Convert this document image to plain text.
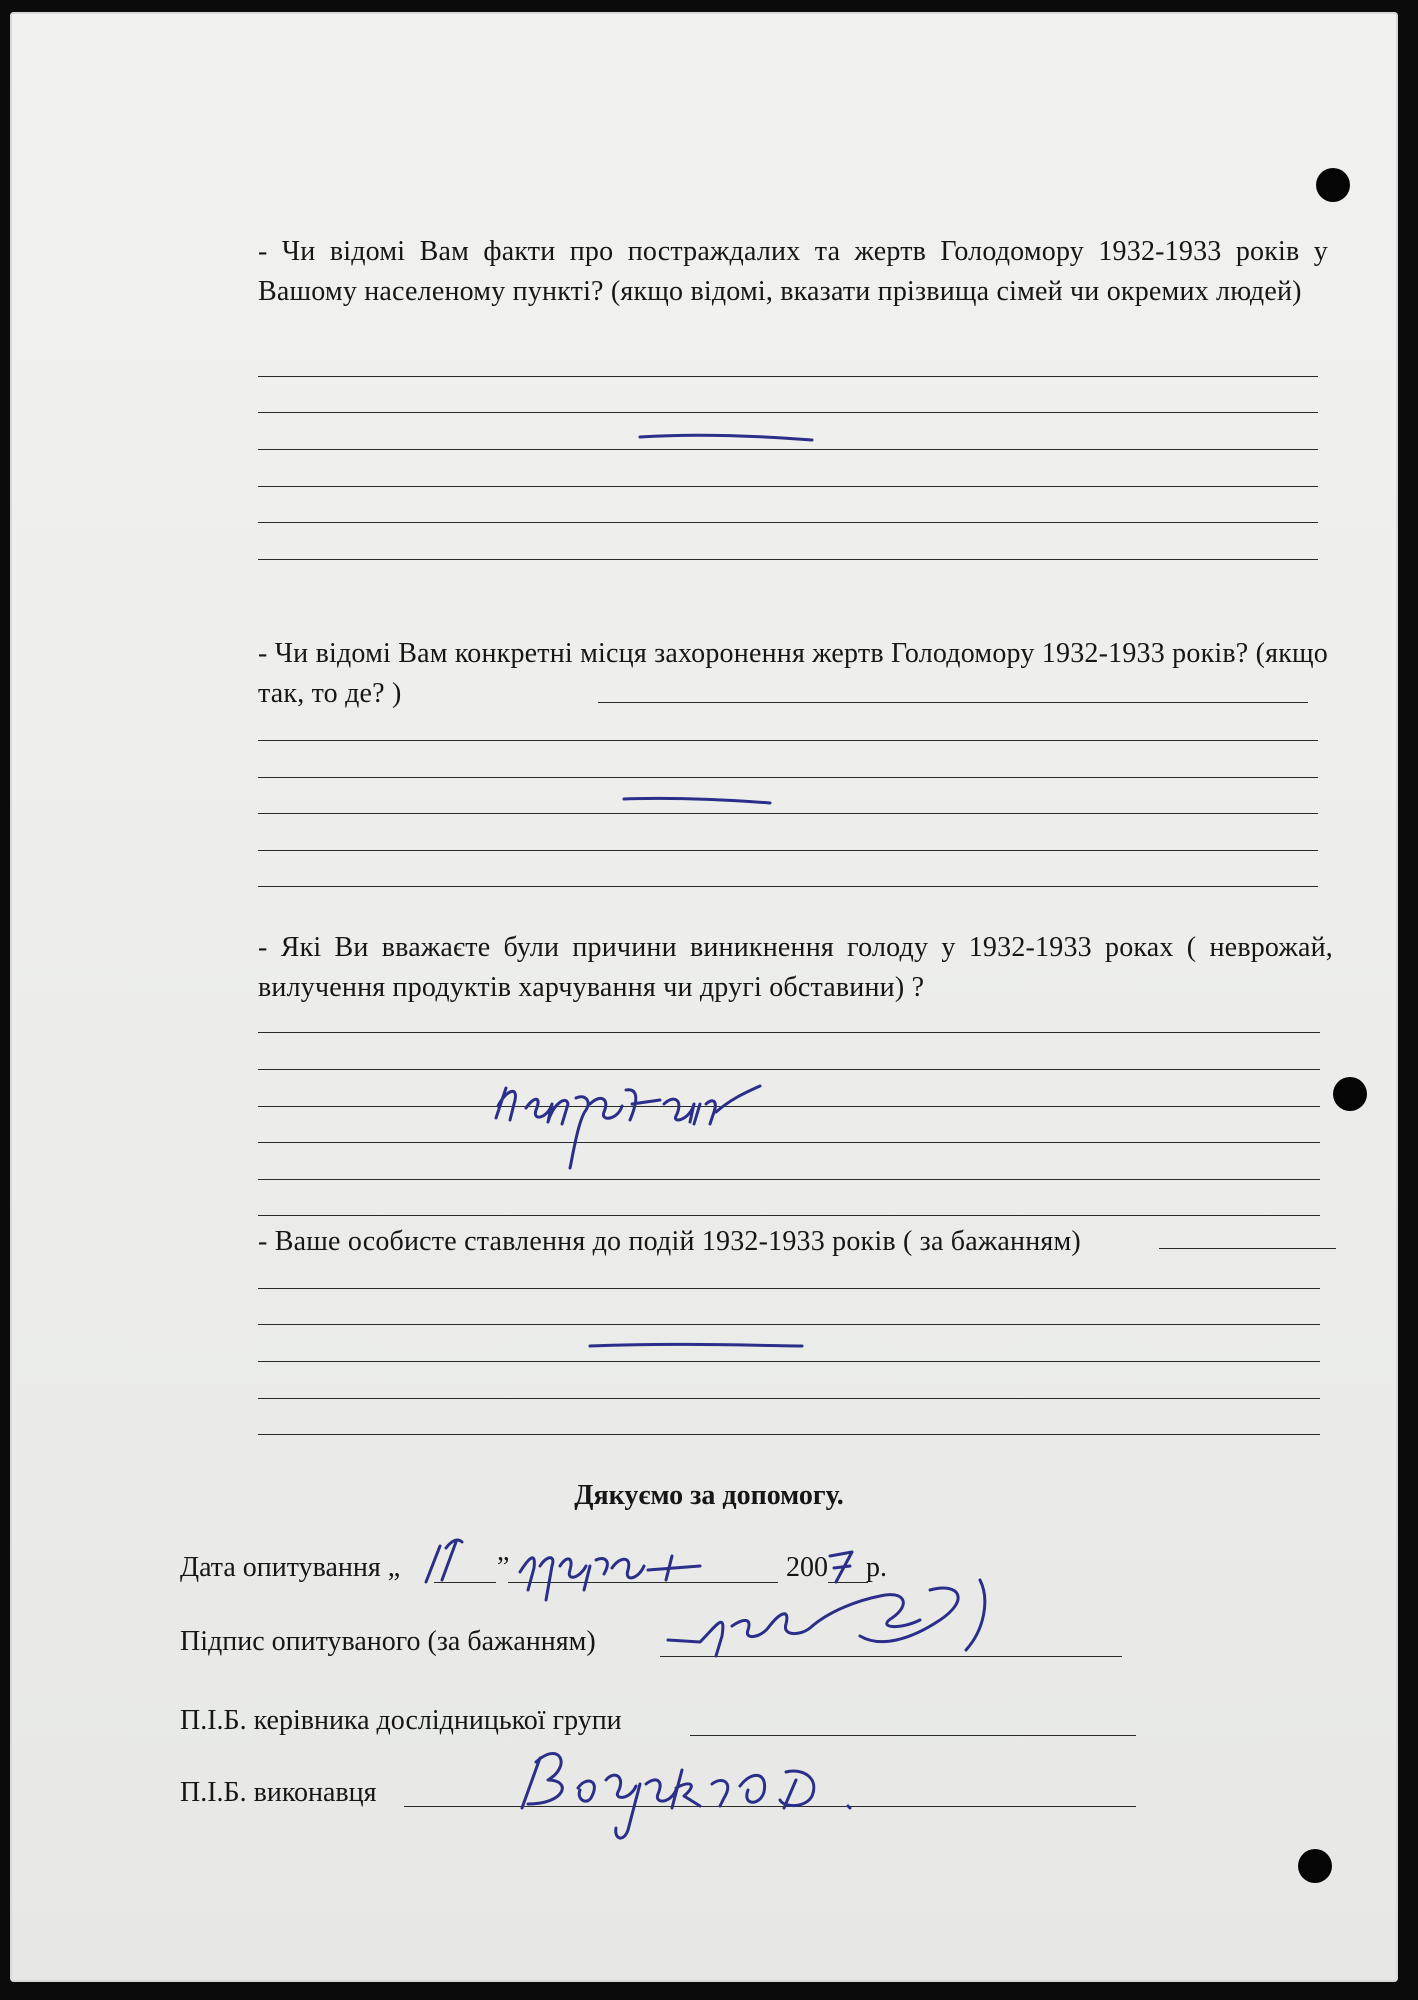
- Чи відомі Вам факти про постраждалих та жертв Голодомору 1932-1933 років у Вашому населеному пункті? (якщо відомі, вказати прізвища сімей чи окремих людей)

- Чи відомі Вам конкретні місця захоронення жертв Голодомору 1932-1933 років? (якщо так, то де? )

- Які Ви вважаєте були причини виникнення голоду у 1932-1933 роках ( неврожай, вилучення продуктів харчування чи другі обставини) ?

- Ваше особисте ставлення до подій 1932-1933 років ( за бажанням)

Дякуємо за допомогу.
Дата опитування „	”	200 р.
Підпис опитуваного (за бажанням)
П.І.Б. керівника дослідницької групи
П.І.Б. виконавця
